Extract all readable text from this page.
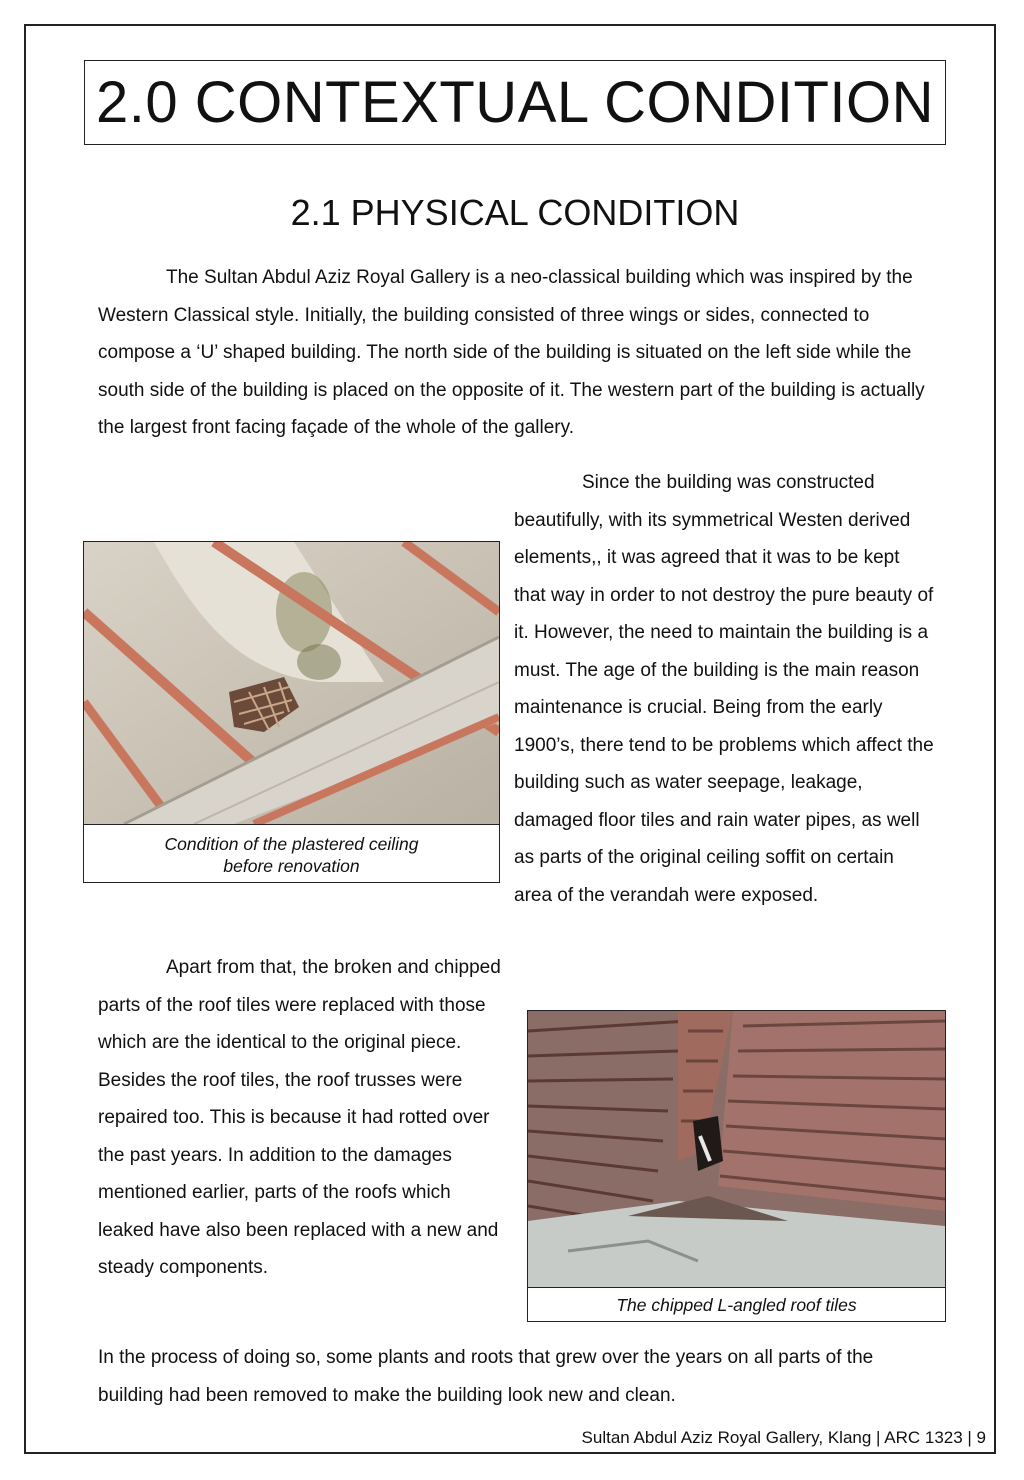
2.0 CONTEXTUAL CONDITION
2.1 PHYSICAL CONDITION

The Sultan Abdul Aziz Royal Gallery is a neo-classical building which was inspired by the Western Classical style. Initially, the building consisted of three wings or sides, connected to compose a ‘U’ shaped building. The north side of the building is situated on the left side while the south side of the building is placed on the opposite of it. The western part of the building is actually the largest front facing façade of the whole of the gallery.

Since the building was constructed beautifully, with its symmetrical Westen derived elements,, it was agreed that it was to be kept that way in order to not destroy the pure beauty of it. However, the need to maintain the building is a must. The age of the building is the main reason maintenance is crucial. Being from the early 1900’s, there tend to be problems which affect the building such as water seepage, leakage, damaged floor tiles and rain water pipes, as well as parts of the original ceiling soffit on certain area of the verandah were exposed.

Condition of the plastered ceiling
before renovation

Apart from that, the broken and chipped parts of the roof tiles were replaced with those which are the identical to the original piece. Besides the roof tiles, the roof trusses were repaired too. This is because it had rotted over the past years. In addition to the damages mentioned earlier, parts of the roofs which leaked have also been replaced with a new and steady components.

The chipped L-angled roof tiles

In the process of doing so, some plants and roots that grew over the years on all parts of the building had been removed to make the building look new and clean.

Sultan Abdul Aziz Royal Gallery, Klang | ARC 1323 | 9
